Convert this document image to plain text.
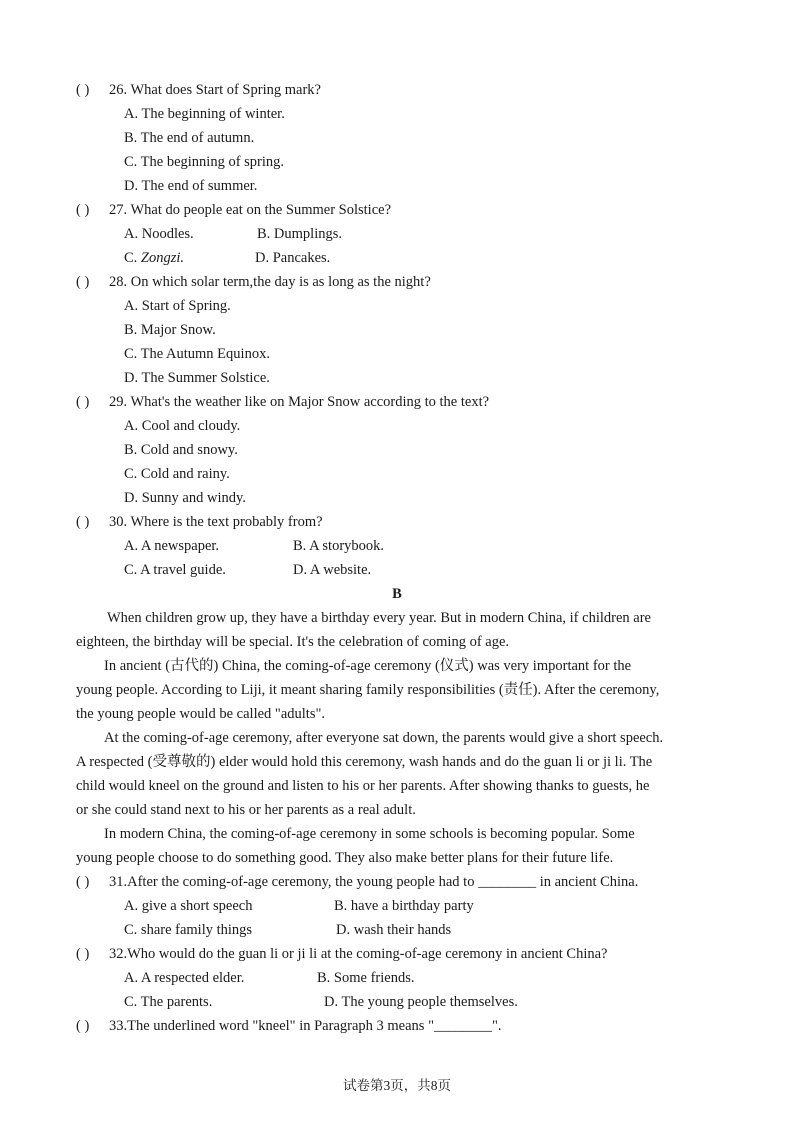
( ) 26. What does Start of Spring mark?
A. The beginning of winter.
B. The end of autumn.
C. The beginning of spring.
D. The end of summer.
( ) 27. What do people eat on the Summer Solstice?
A. Noodles.	B. Dumplings.
C. Zongzi.	D. Pancakes.
( ) 28. On which solar term,the day is as long as the night?
A. Start of Spring.
B. Major Snow.
C. The Autumn Equinox.
D. The Summer Solstice.
( ) 29. What's the weather like on Major Snow according to the text?
A. Cool and cloudy.
B. Cold and snowy.
C. Cold and rainy.
D. Sunny and windy.
( ) 30. Where is the text probably from?
A. A newspaper.	B. A storybook.
C. A travel guide.	D. A website.
B
When children grow up, they have a birthday every year. But in modern China, if children are
eighteen, the birthday will be special. It's the celebration of coming of age.
In ancient (古代的) China, the coming-of-age ceremony (仪式) was very important for the
young people. According to Liji, it meant sharing family responsibilities (责任). After the ceremony,
the young people would be called "adults".
At the coming-of-age ceremony, after everyone sat down, the parents would give a short speech.
A respected (受尊敬的) elder would hold this ceremony, wash hands and do the guan li or ji li. The
child would kneel on the ground and listen to his or her parents. After showing thanks to guests, he
or she could stand next to his or her parents as a real adult.
In modern China, the coming-of-age ceremony in some schools is becoming popular. Some
young people choose to do something good. They also make better plans for their future life.
( ) 31.After the coming-of-age ceremony, the young people had to ________ in ancient China.
A. give a short speech	B. have a birthday party
C. share family things	D. wash their hands
( ) 32.Who would do the guan li or ji li at the coming-of-age ceremony in ancient China?
A. A respected elder.	B. Some friends.
C. The parents.	D. The young people themselves.
( ) 33.The underlined word "kneel" in Paragraph 3 means "________".
试卷第3页，共8页
